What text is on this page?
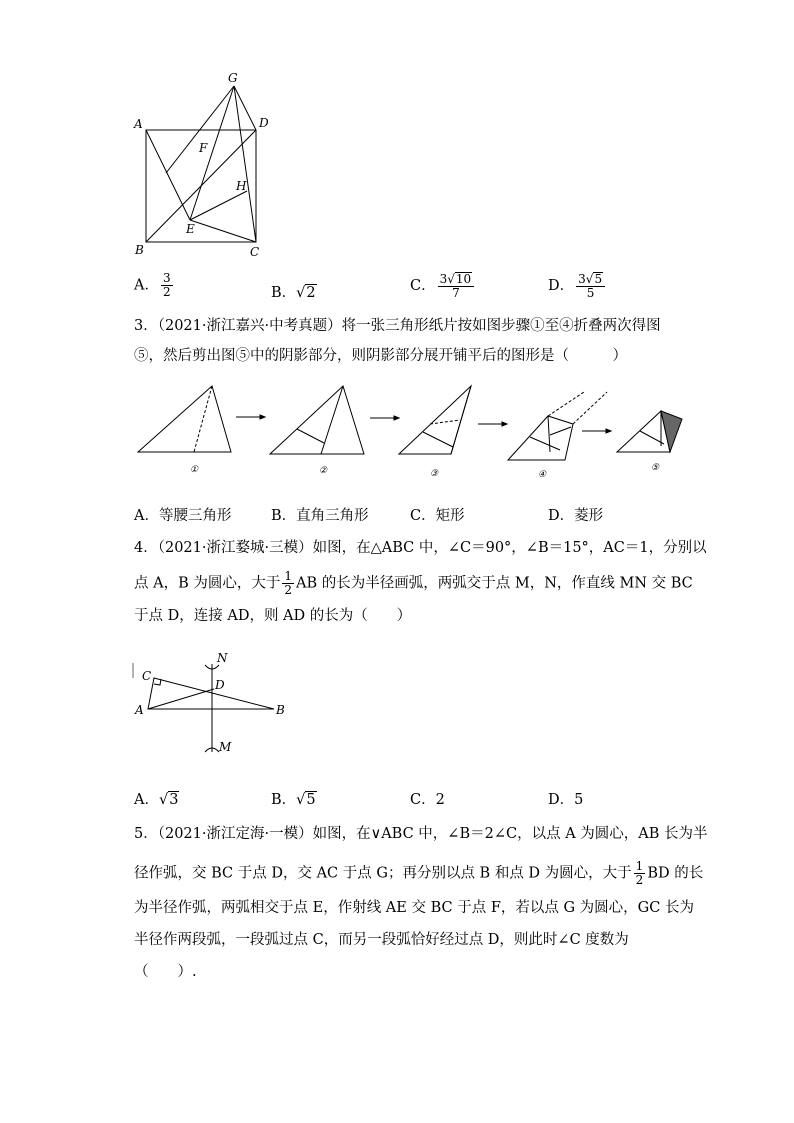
G
A	D
F
H
B
E
C
A． $\frac{3}{2}$	B．√2	C． $\frac{3√10}{7}$	D． $\frac{3√5}{5}$
3．（2021·浙江嘉兴·中考真题）将一张三角形纸片按如图步骤①至④折叠两次得图
⑤，然后剪出图⑤中的阴影部分，则阴影部分展开铺平后的图形是（　　　）
①	②	③	④
⑤
A．等腰三角形	B．直角三角形	C．矩形	D．菱形
4．（2021·浙江婺城·三模）如图，在△ABC 中，∠C＝90°，∠B＝15°，AC＝1，分别以
点 A，B 为圆心，大于 $\frac{1}{2}$ AB 的长为半径画弧，两弧交于点 M，N，作直线 MN 交 BC
于点 D，连接 AD，则 AD 的长为（　　）
N
C
D
A	B
M
A．√3	B．√5	C．2	D．5
5．（2021·浙江定海·一模）如图，在∨ABC 中，∠B＝2∠C，以点 A 为圆心，AB 长为半
径作弧，交 BC 于点 D，交 AC 于点 G；再分别以点 B 和点 D 为圆心，大于 $\frac{1}{2}$ BD 的长
为半径作弧，两弧相交于点 E，作射线 AE 交 BC 于点 F，若以点 G 为圆心，GC 长为
半径作两段弧，一段弧过点 C，而另一段弧恰好经过点 D，则此时∠C 度数为
（　　）.
